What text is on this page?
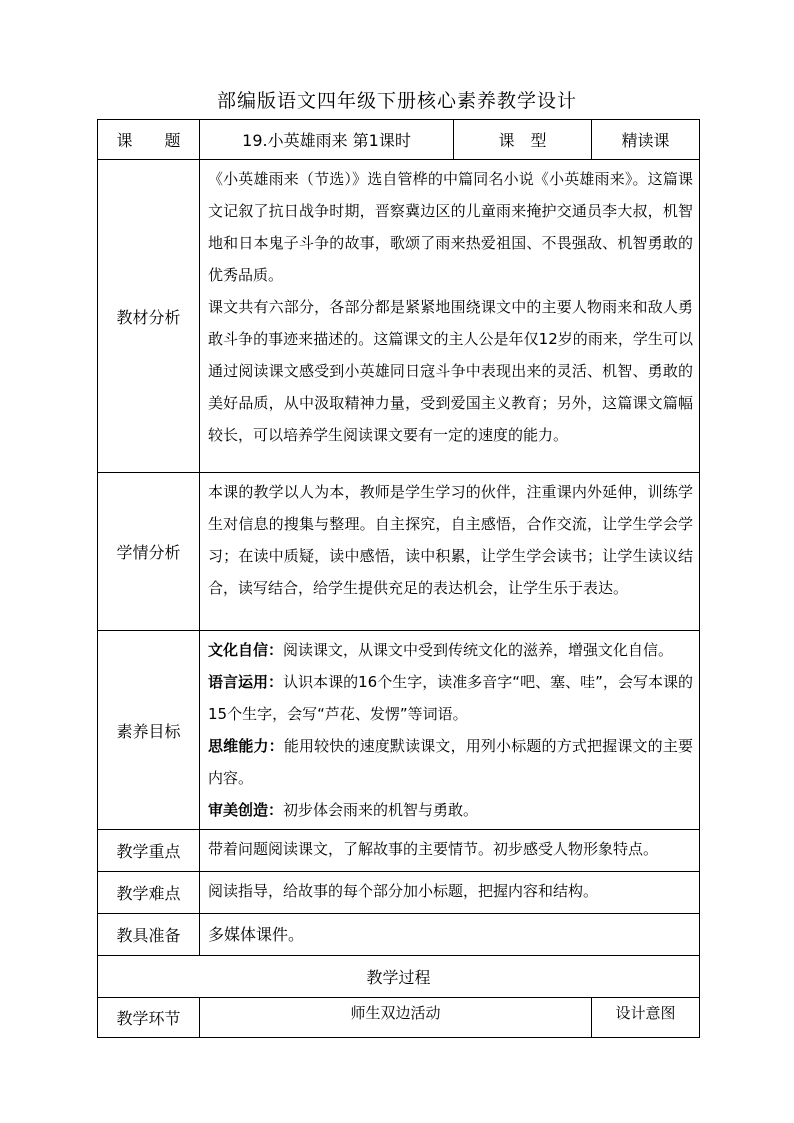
部编版语文四年级下册核心素养教学设计
课　　题	19.小英雄雨来 第1课时	课　型	精读课
教材分析	《小英雄雨来（节选）》选自管桦的中篇同名小说《小英雄雨来》。这篇课文记叙了抗日战争时期，晋察冀边区的儿童雨来掩护交通员李大叔，机智地和日本鬼子斗争的故事，歌颂了雨来热爱祖国、不畏强敌、机智勇敢的优秀品质。

课文共有六部分，各部分都是紧紧地围绕课文中的主要人物雨来和敌人勇敢斗争的事迹来描述的。这篇课文的主人公是年仅12岁的雨来，学生可以通过阅读课文感受到小英雄同日寇斗争中表现出来的灵活、机智、勇敢的美好品质，从中汲取精神力量，受到爱国主义教育；另外，这篇课文篇幅较长，可以培养学生阅读课文要有一定的速度的能力。		

学情分析	本课的教学以人为本，教师是学生学习的伙伴，注重课内外延伸，训练学生对信息的搜集与整理。自主探究，自主感悟，合作交流，让学生学会学习；在读中质疑，读中感悟，读中积累，让学生学会读书；让学生读议结合，读写结合，给学生提供充足的表达机会，让学生乐于表达。		
素养目标	文化自信：阅读课文，从课文中受到传统文化的滋养，增强文化自信。

语言运用：认识本课的16个生字，读准多音字“吧、塞、哇”，会写本课的15个生字，会写“芦花、发愣”等词语。

思维能力：能用较快的速度默读课文，用列小标题的方式把握课文的主要内容。

审美创造：初步体会雨来的机智与勇敢。		

教学重点	带着问题阅读课文，了解故事的主要情节。初步感受人物形象特点。		
教学难点	阅读指导，给故事的每个部分加小标题，把握内容和结构。		
教具准备	多媒体课件。		
教学过程			
教学环节	师生双边活动		设计意图
